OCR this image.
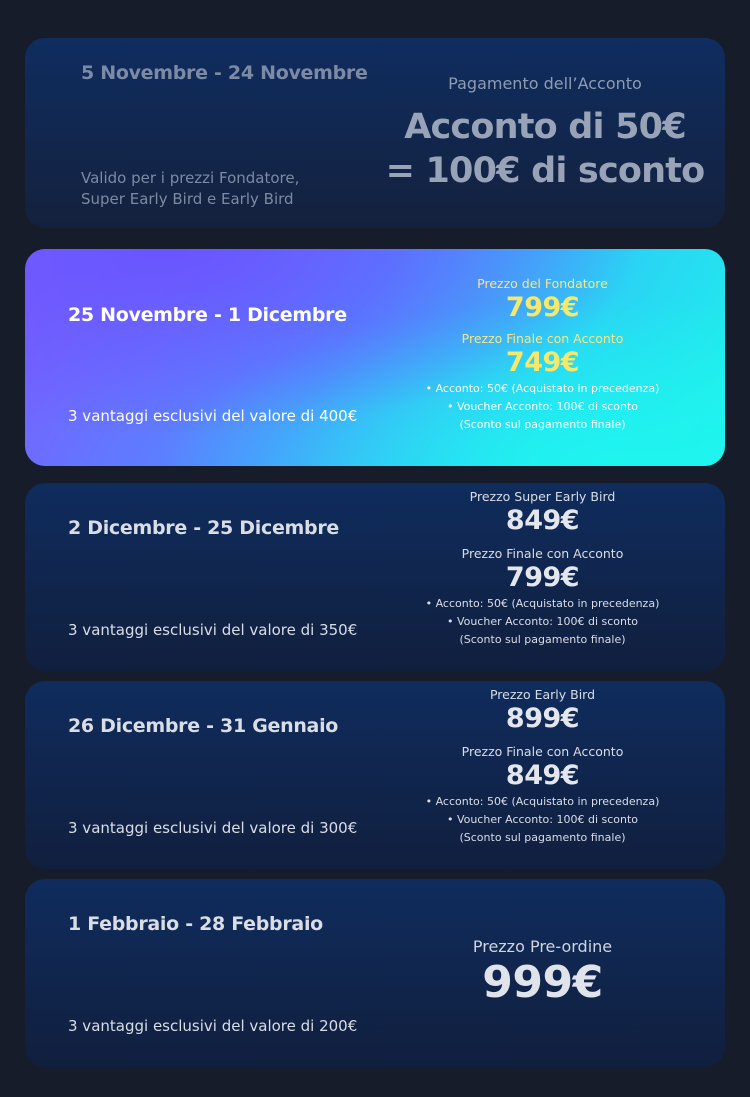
5 Novembre - 24 Novembre
Valido per i prezzi Fondatore,
Super Early Bird e Early Bird
Pagamento dell’Acconto
Acconto di 50€
= 100€ di sconto
25 Novembre - 1 Dicembre
3 vantaggi esclusivi del valore di 400€
Prezzo del Fondatore
799€
Prezzo Finale con Acconto
749€
• Acconto: 50€ (Acquistato in precedenza)
• Voucher Acconto: 100€ di sconto
(Sconto sul pagamento finale)
2 Dicembre - 25 Dicembre
3 vantaggi esclusivi del valore di 350€
Prezzo Super Early Bird
849€
Prezzo Finale con Acconto
799€
• Acconto: 50€ (Acquistato in precedenza)
• Voucher Acconto: 100€ di sconto
(Sconto sul pagamento finale)
26 Dicembre - 31 Gennaio
3 vantaggi esclusivi del valore di 300€
Prezzo Early Bird
899€
Prezzo Finale con Acconto
849€
• Acconto: 50€ (Acquistato in precedenza)
• Voucher Acconto: 100€ di sconto
(Sconto sul pagamento finale)
1 Febbraio - 28 Febbraio
3 vantaggi esclusivi del valore di 200€
Prezzo Pre-ordine
999€
